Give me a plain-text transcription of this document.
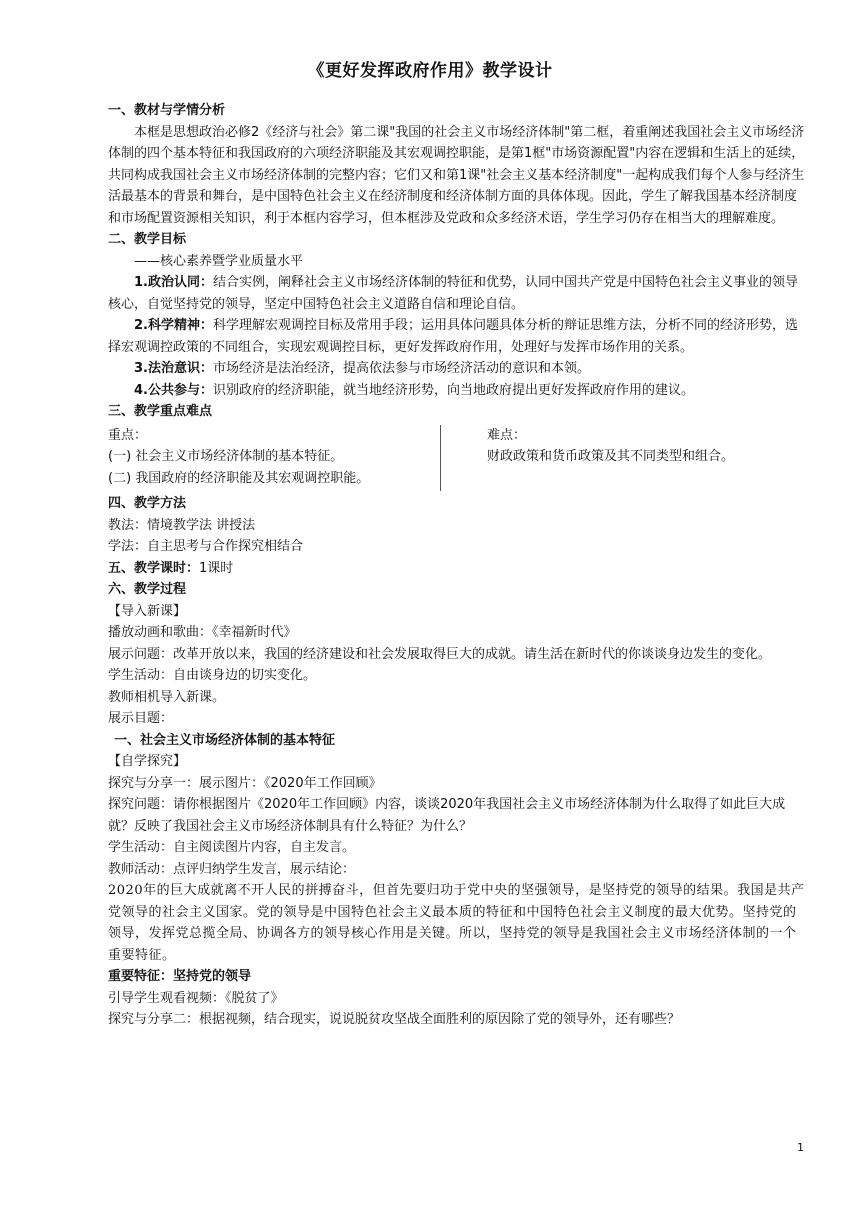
《更好发挥政府作用》教学设计

一、教材与学情分析

本框是思想政治必修2《经济与社会》第二课"我国的社会主义市场经济体制"第二框，着重阐述我国社会主义市场经济体制的四个基本特征和我国政府的六项经济职能及其宏观调控职能，是第1框"市场资源配置"内容在逻辑和生活上的延续，共同构成我国社会主义市场经济体制的完整内容；它们又和第1课"社会主义基本经济制度"一起构成我们每个人参与经济生活最基本的背景和舞台，是中国特色社会主义在经济制度和经济体制方面的具体体现。因此，学生了解我国基本经济制度和市场配置资源相关知识，利于本框内容学习，但本框涉及党政和众多经济术语，学生学习仍存在相当大的理解难度。

二、教学目标

——核心素养暨学业质量水平

1.政治认同：结合实例，阐释社会主义市场经济体制的特征和优势，认同中国共产党是中国特色社会主义事业的领导核心，自觉坚持党的领导，坚定中国特色社会主义道路自信和理论自信。

2.科学精神：科学理解宏观调控目标及常用手段；运用具体问题具体分析的辩证思维方法，分析不同的经济形势，选择宏观调控政策的不同组合，实现宏观调控目标，更好发挥政府作用，处理好与发挥市场作用的关系。

3.法治意识：市场经济是法治经济，提高依法参与市场经济活动的意识和本领。

4.公共参与：识别政府的经济职能，就当地经济形势，向当地政府提出更好发挥政府作用的建议。

三、教学重点难点

重点：

(一) 社会主义市场经济体制的基本特征。

(二) 我国政府的经济职能及其宏观调控职能。

难点：

财政政策和货币政策及其不同类型和组合。

四、教学方法

教法：情境教学法 讲授法

学法：自主思考与合作探究相结合

五、教学课时：1课时

六、教学过程

【导入新课】

播放动画和歌曲：《幸福新时代》

展示问题：改革开放以来，我国的经济建设和社会发展取得巨大的成就。请生活在新时代的你谈谈身边发生的变化。

学生活动：自由谈身边的切实变化。

教师相机导入新课。

展示目题：

一、社会主义市场经济体制的基本特征

【自学探究】

探究与分享一：展示图片：《2020年工作回顾》

探究问题：请你根据图片《2020年工作回顾》内容，谈谈2020年我国社会主义市场经济体制为什么取得了如此巨大成就？反映了我国社会主义市场经济体制具有什么特征？为什么？

学生活动：自主阅读图片内容，自主发言。

教师活动：点评归纳学生发言，展示结论：

2020年的巨大成就离不开人民的拼搏奋斗，但首先要归功于党中央的坚强领导，是坚持党的领导的结果。我国是共产党领导的社会主义国家。党的领导是中国特色社会主义最本质的特征和中国特色社会主义制度的最大优势。坚持党的领导，发挥党总揽全局、协调各方的领导核心作用是关键。所以，坚持党的领导是我国社会主义市场经济体制的一个重要特征。

重要特征：坚持党的领导

引导学生观看视频：《脱贫了》

探究与分享二：根据视频，结合现实，说说脱贫攻坚战全面胜利的原因除了党的领导外，还有哪些？

1
